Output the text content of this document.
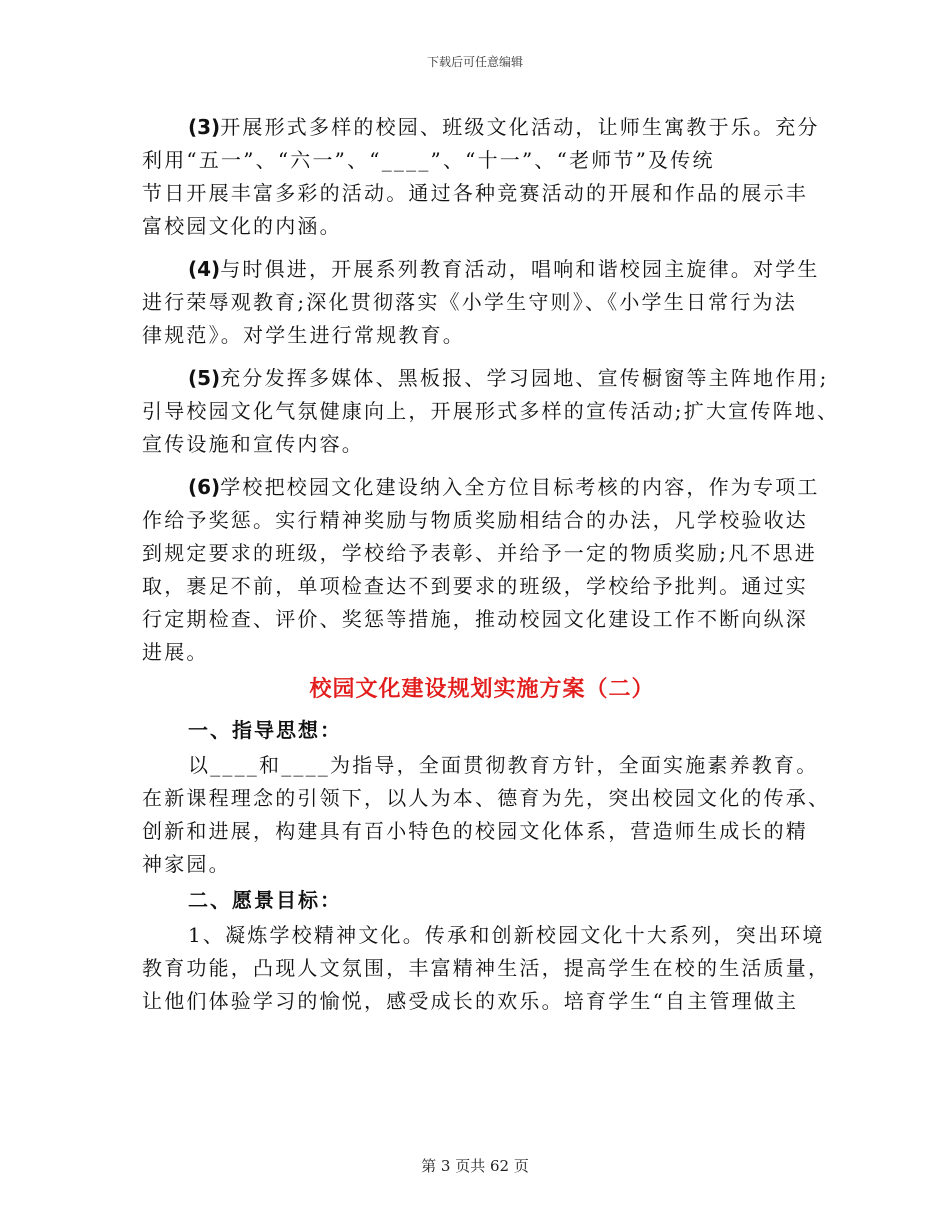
下载后可任意编辑
(3)开展形式多样的校园、班级文化活动，让师生寓教于乐。充分
利用“五一”、“六一”、“____”、“十一”、“老师节”及传统
节日开展丰富多彩的活动。通过各种竞赛活动的开展和作品的展示丰
富校园文化的内涵。
(4)与时俱进，开展系列教育活动，唱响和谐校园主旋律。对学生
进行荣辱观教育;深化贯彻落实《小学生守则》、《小学生日常行为法
律规范》。对学生进行常规教育。
(5)充分发挥多媒体、黑板报、学习园地、宣传橱窗等主阵地作用;
引导校园文化气氛健康向上，开展形式多样的宣传活动;扩大宣传阵地、
宣传设施和宣传内容。
(6)学校把校园文化建设纳入全方位目标考核的内容，作为专项工
作给予奖惩。实行精神奖励与物质奖励相结合的办法，凡学校验收达
到规定要求的班级，学校给予表彰、并给予一定的物质奖励;凡不思进
取，裹足不前，单项检查达不到要求的班级，学校给予批判。通过实
行定期检查、评价、奖惩等措施，推动校园文化建设工作不断向纵深
进展。
校园文化建设规划实施方案（二）
一、指导思想：
以____和____为指导，全面贯彻教育方针，全面实施素养教育。
在新课程理念的引领下，以人为本、德育为先，突出校园文化的传承、
创新和进展，构建具有百小特色的校园文化体系，营造师生成长的精
神家园。
二、愿景目标：
1、凝炼学校精神文化。传承和创新校园文化十大系列，突出环境
教育功能，凸现人文氛围，丰富精神生活，提高学生在校的生活质量，
让他们体验学习的愉悦，感受成长的欢乐。培育学生“自主管理做主
第 3 页共 62 页
